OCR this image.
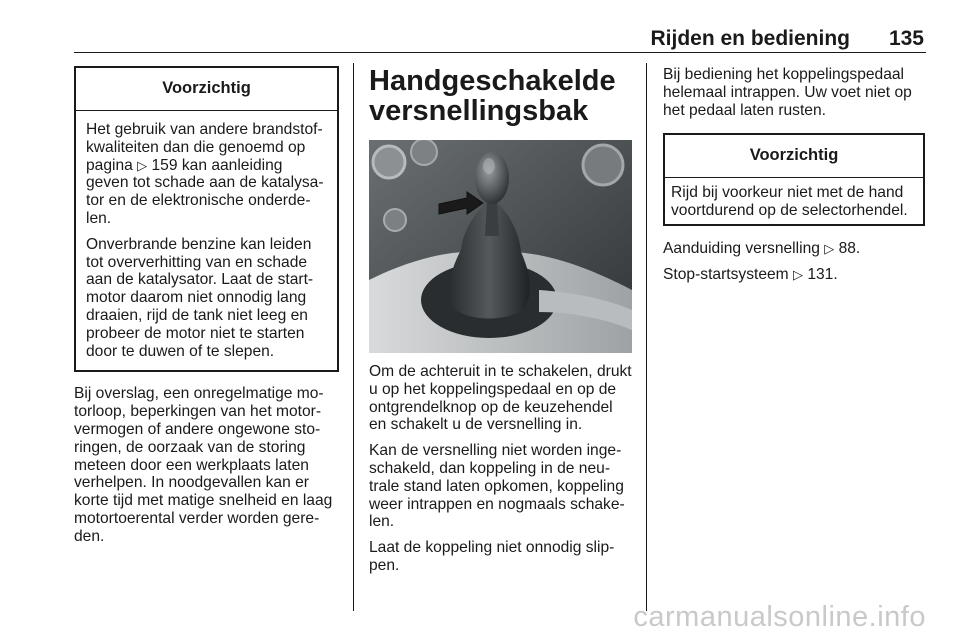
Rijden en bediening	135
Voorzichtig

Het gebruik van andere brandstof-kwaliteiten dan die genoemd op pagina ▷ 159 kan aanleiding geven tot schade aan de katalysa-tor en de elektronische onderde-len.

Onverbrande benzine kan leiden tot oververhitting van en schade aan de katalysator. Laat de start-motor daarom niet onnodig lang draaien, rijd de tank niet leeg en probeer de motor niet te starten door te duwen of te slepen.

Bij overslag, een onregelmatige mo-torloop, beperkingen van het motor-vermogen of andere ongewone sto-ringen, de oorzaak van de storing meteen door een werkplaats laten verhelpen. In noodgevallen kan er korte tijd met matige snelheid en laag motortoerental verder worden gere-den.

Handgeschakelde versnellingsbak

Om de achteruit in te schakelen, drukt u op het koppelingspedaal en op de ontgrendelknop op de keuzehendel en schakelt u de versnelling in.

Kan de versnelling niet worden inge-schakeld, dan koppeling in de neu-trale stand laten opkomen, koppeling weer intrappen en nogmaals schake-len.

Laat de koppeling niet onnodig slip-pen.

Bij bediening het koppelingspedaal helemaal intrappen. Uw voet niet op het pedaal laten rusten.

Voorzichtig

Rijd bij voorkeur niet met de hand voortdurend op de selectorhendel.

Aanduiding versnelling ▷ 88.

Stop-startsysteem ▷ 131.

carmanualsonline.info
